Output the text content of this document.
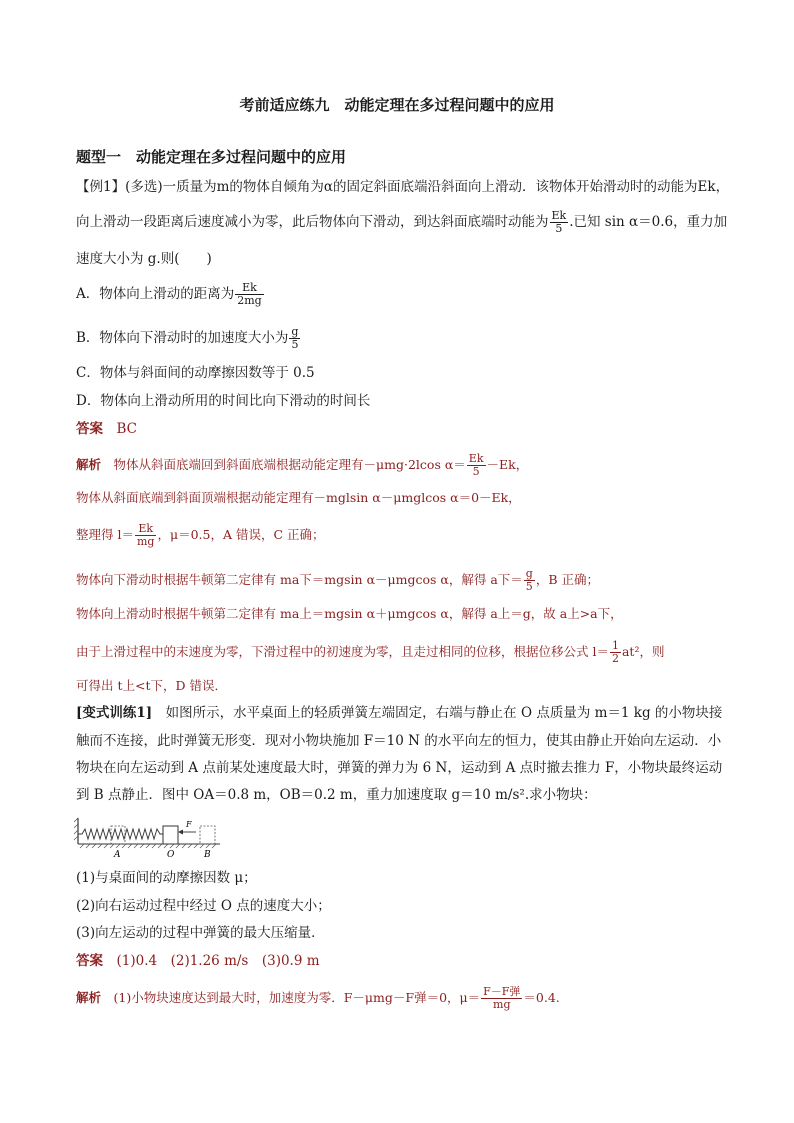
考前适应练九　动能定理在多过程问题中的应用
题型一　动能定理在多过程问题中的应用
【例1】(多选)一质量为m的物体自倾角为α的固定斜面底端沿斜面向上滑动．该物体开始滑动时的动能为Ek，
向上滑动一段距离后速度减小为零，此后物体向下滑动，到达斜面底端时动能为 $\frac{Ek}{5}$ .已知 sin α＝0.6，重力加
速度大小为 g.则(　　)
A．物体向上滑动的距离为 $\frac{Ek}{2mg}$
B．物体向下滑动时的加速度大小为 $\frac{g}{5}$
C．物体与斜面间的动摩擦因数等于 0.5
D．物体向上滑动所用的时间比向下滑动的时间长
答案　 BC
解析　 物体从斜面底端回到斜面底端根据动能定理有－μmg·2lcos $\alpha= \frac{Ek}{5} -Ek$，
物体从斜面底端到斜面顶端根据动能定理有－mglsin α－μmglcos α＝0－Ek，
整理得 $l= \frac{Ek}{mg}$ ，μ＝0.5，A 错误，C 正确；
物体向下滑动时根据牛顿第二定律有 ma下＝mgsin α－μmgcos α，解得 a下＝ $\frac{g}{5}$ ，B 正确；
物体向上滑动时根据牛顿第二定律有 ma上＝mgsin α＋μmgcos α，解得 a上＝g，故 a上>a下，
由于上滑过程中的末速度为零，下滑过程中的初速度为零，且走过相同的位移，根据位移公式 $l= \frac{1}{2} at^2$，则
可得出 t上<t下，D 错误．
[变式训练1]　 如图所示，水平桌面上的轻质弹簧左端固定，右端与静止在 O 点质量为 m＝1 kg 的小物块接
触而不连接，此时弹簧无形变．现对小物块施加 F＝10 N 的水平向左的恒力，使其由静止开始向左运动．小
物块在向左运动到 A 点前某处速度最大时，弹簧的弹力为 6 N，运动到 A 点时撤去推力 F，小物块最终运动
到 B 点静止．图中 OA＝0.8 m，OB＝0.2 m，重力加速度取 g＝10 m/s².求小物块：
F
A	O	B
(1)与桌面间的动摩擦因数 μ；
(2)向右运动过程中经过 O 点的速度大小；
(3)向左运动的过程中弹簧的最大压缩量．
答案　 (1)0.4　(2)1.26 m/s　(3)0.9 m
解析　 (1)小物块速度达到最大时，加速度为零．F－μmg－F弹＝0，$\mu= \frac{\text{F－F弹}}{mg} =0.4$.
